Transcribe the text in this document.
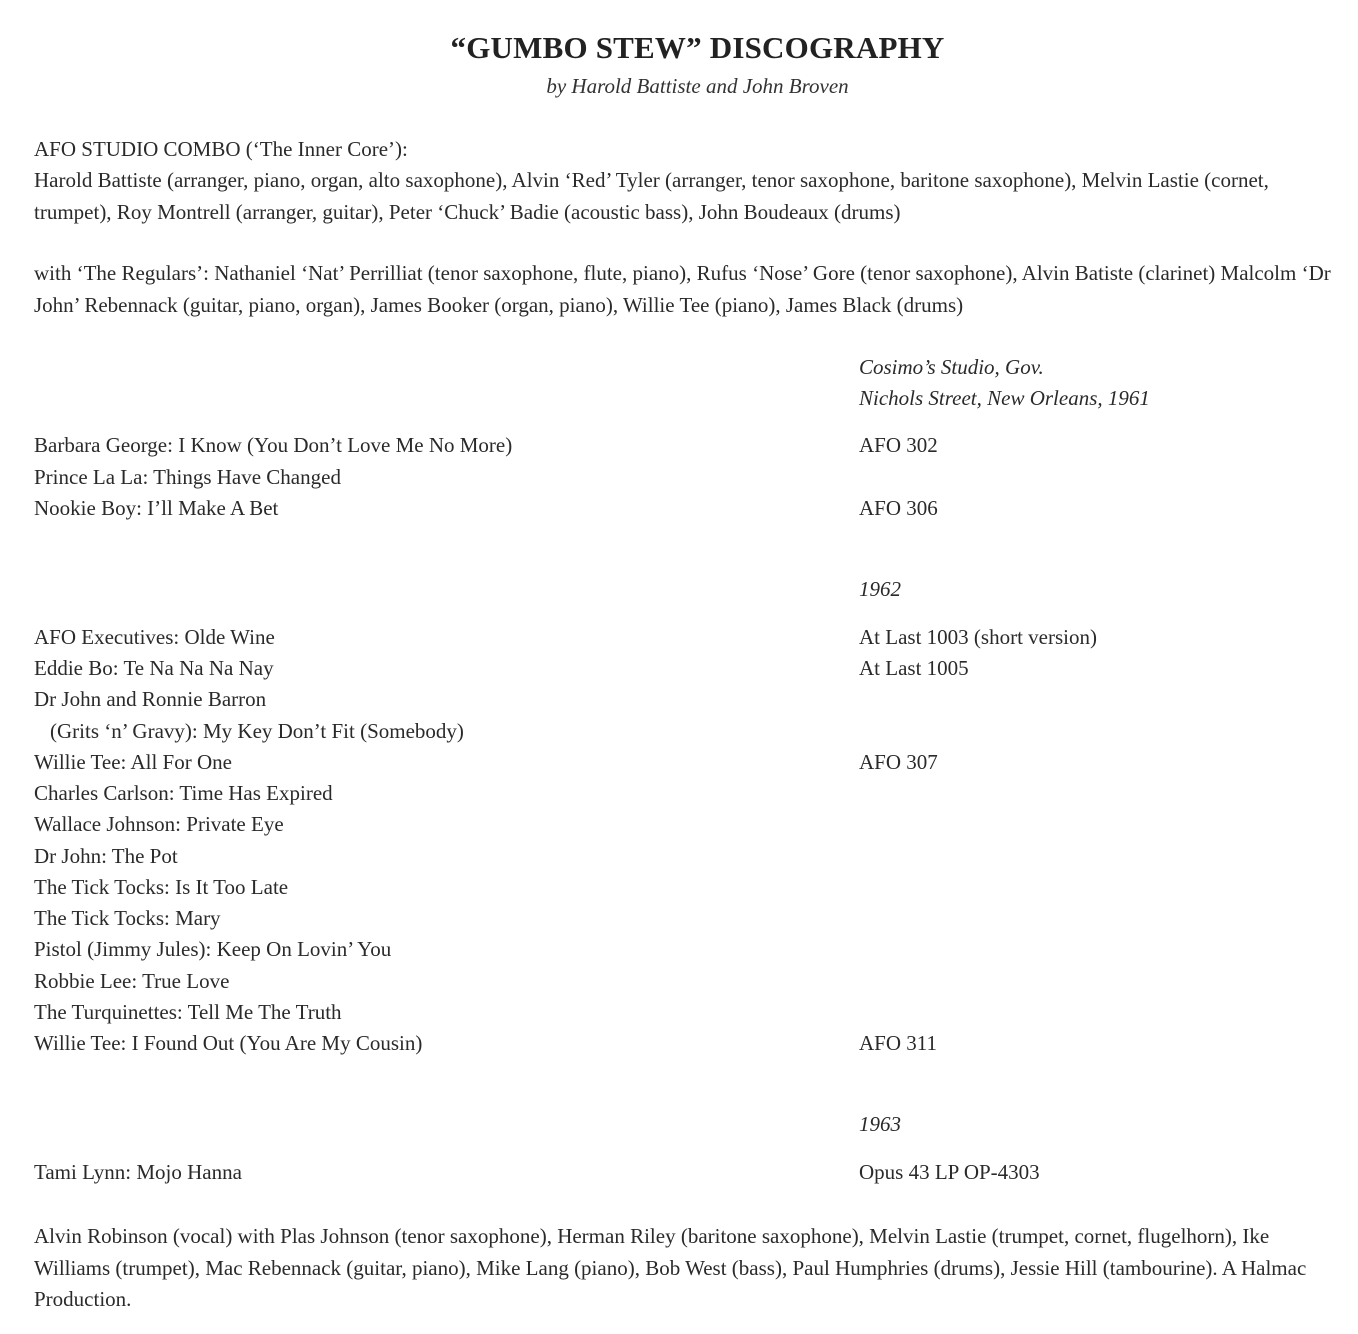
“GUMBO STEW” DISCOGRAPHY
by Harold Battiste and John Broven
AFO STUDIO COMBO (‘The Inner Core’):
Harold Battiste (arranger, piano, organ, alto saxophone), Alvin ‘Red’ Tyler (arranger, tenor saxophone, baritone saxophone), Melvin Lastie (cornet, trumpet), Roy Montrell (arranger, guitar), Peter ‘Chuck’ Badie (acoustic bass), John Boudeaux (drums)
with ‘The Regulars’: Nathaniel ‘Nat’ Perrilliat (tenor saxophone, flute, piano), Rufus ‘Nose’ Gore (tenor saxophone), Alvin Batiste (clarinet) Malcolm ‘Dr John’ Rebennack (guitar, piano, organ), James Booker (organ, piano), Willie Tee (piano), James Black (drums)
Cosimo’s Studio, Gov.
Nichols Street, New Orleans, 1961
Barbara George: I Know (You Don’t Love Me No More)	AFO 302
Prince La La: Things Have Changed
Nookie Boy: I’ll Make A Bet	AFO 306
1962
AFO Executives: Olde Wine	At Last 1003 (short version)
Eddie Bo: Te Na Na Na Nay	At Last 1005
Dr John and Ronnie Barron
(Grits ‘n’ Gravy): My Key Don’t Fit (Somebody)
Willie Tee: All For One	AFO 307
Charles Carlson: Time Has Expired
Wallace Johnson: Private Eye
Dr John: The Pot
The Tick Tocks: Is It Too Late
The Tick Tocks: Mary
Pistol (Jimmy Jules): Keep On Lovin’ You
Robbie Lee: True Love
The Turquinettes: Tell Me The Truth
Willie Tee: I Found Out (You Are My Cousin)	AFO 311
1963
Tami Lynn: Mojo Hanna	Opus 43 LP OP-4303
Alvin Robinson (vocal) with Plas Johnson (tenor saxophone), Herman Riley (baritone saxophone), Melvin Lastie (trumpet, cornet, flugelhorn), Ike Williams (trumpet), Mac Rebennack (guitar, piano), Mike Lang (piano), Bob West (bass), Paul Humphries (drums), Jessie Hill (tambourine). A Halmac Production.
